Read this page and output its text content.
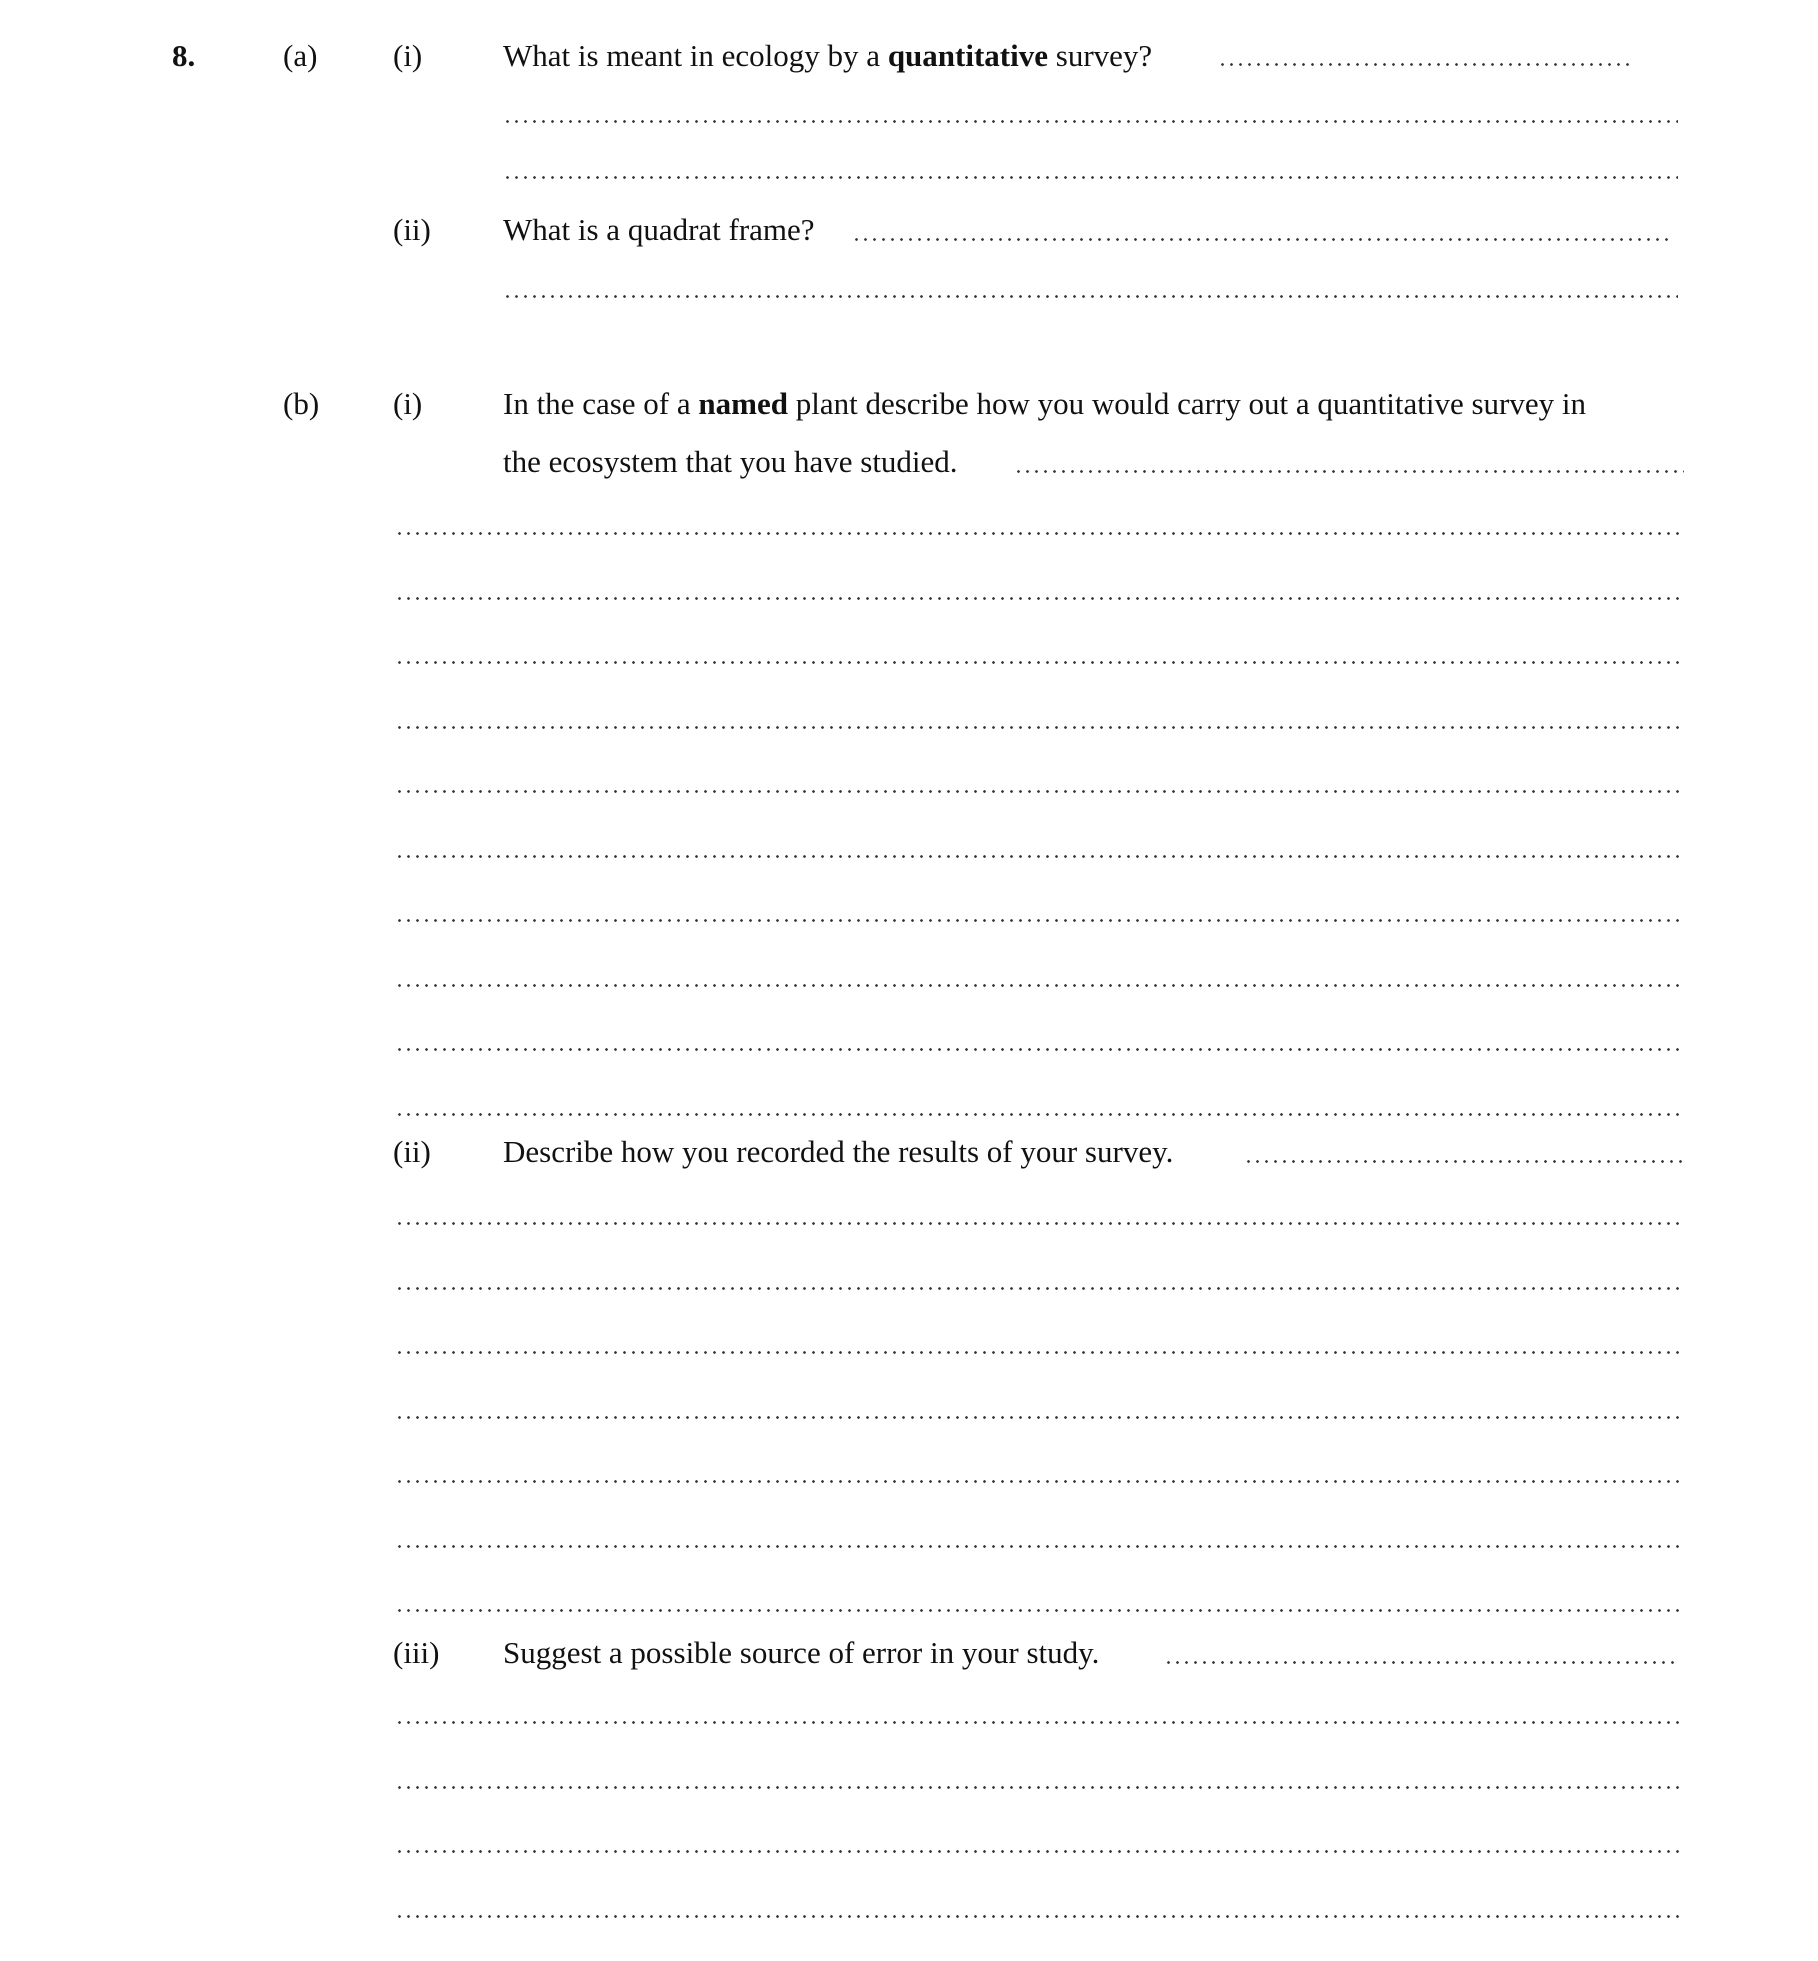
8.	(a) (i)	What is meant in ecology by a quantitative survey?
(ii) What is a quadrat frame?
(b) (i)	In the case of a named plant describe how you would carry out a quantitative survey in
the ecosystem that you have studied.
(ii) Describe how you recorded the results of your survey.
(iii) Suggest a possible source of error in your study.
